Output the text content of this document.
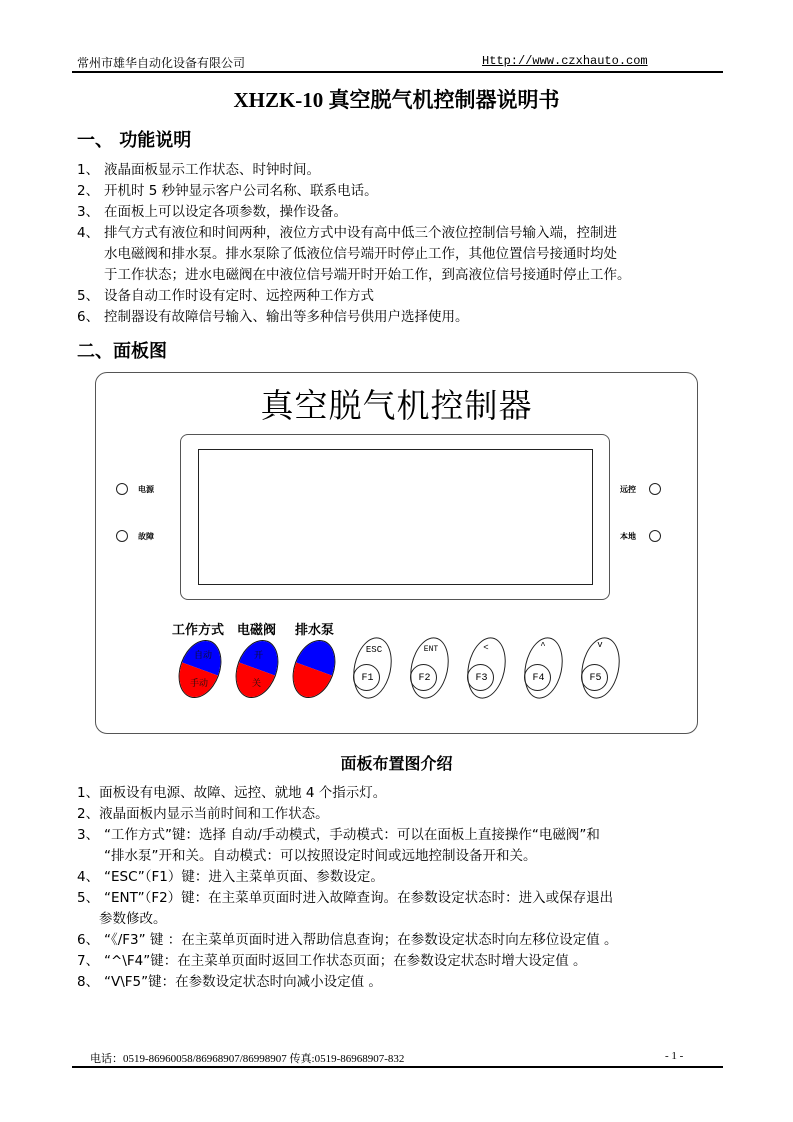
常州市雄华自动化设备有限公司	Http://www.czxhauto.com
XHZK-10 真空脱气机控制器说明书
一、 功能说明
1、 液晶面板显示工作状态、时钟时间。
2、 开机时 5 秒钟显示客户公司名称、联系电话。
3、 在面板上可以设定各项参数，操作设备。
4、 排气方式有液位和时间两种，液位方式中设有高中低三个液位控制信号输入端，控制进
水电磁阀和排水泵。排水泵除了低液位信号端开时停止工作，其他位置信号接通时均处
于工作状态；进水电磁阀在中液位信号端开时开始工作，到高液位信号接通时停止工作。
5、 设备自动工作时设有定时、远控两种工作方式
6、 控制器设有故障信号输入、输出等多种信号供用户选择使用。
二、面板图
真空脱气机控制器
电源
故障
远控
本地
工作方式 电磁阀 排水泵
自动
手动
开
关
ESC
F1
ENT
F2
<
F3
^
F4
v
F5
面板布置图介绍
1、面板设有电源、故障、远控、就地 4 个指示灯。
2、液晶面板内显示当前时间和工作状态。
3、 “工作方式”键：选择 自动/手动模式，手动模式：可以在面板上直接操作“电磁阀”和
“排水泵”开和关。自动模式：可以按照设定时间或远地控制设备开和关。
4、 “ESC”（F1）键：进入主菜单页面、参数设定。
5、 “ENT”（F2）键：在主菜单页面时进入故障查询。在参数设定状态时：进入或保存退出
参数修改。
6、 “《/F3” 键 ：在主菜单页面时进入帮助信息查询；在参数设定状态时向左移位设定值 。
7、 “^\F4”键：在主菜单页面时返回工作状态页面；在参数设定状态时增大设定值 。
8、 “V\F5”键：在参数设定状态时向减小设定值 。
电话：0519-86960058/86968907/86998907 传真:0519-86968907-832	- 1 -
